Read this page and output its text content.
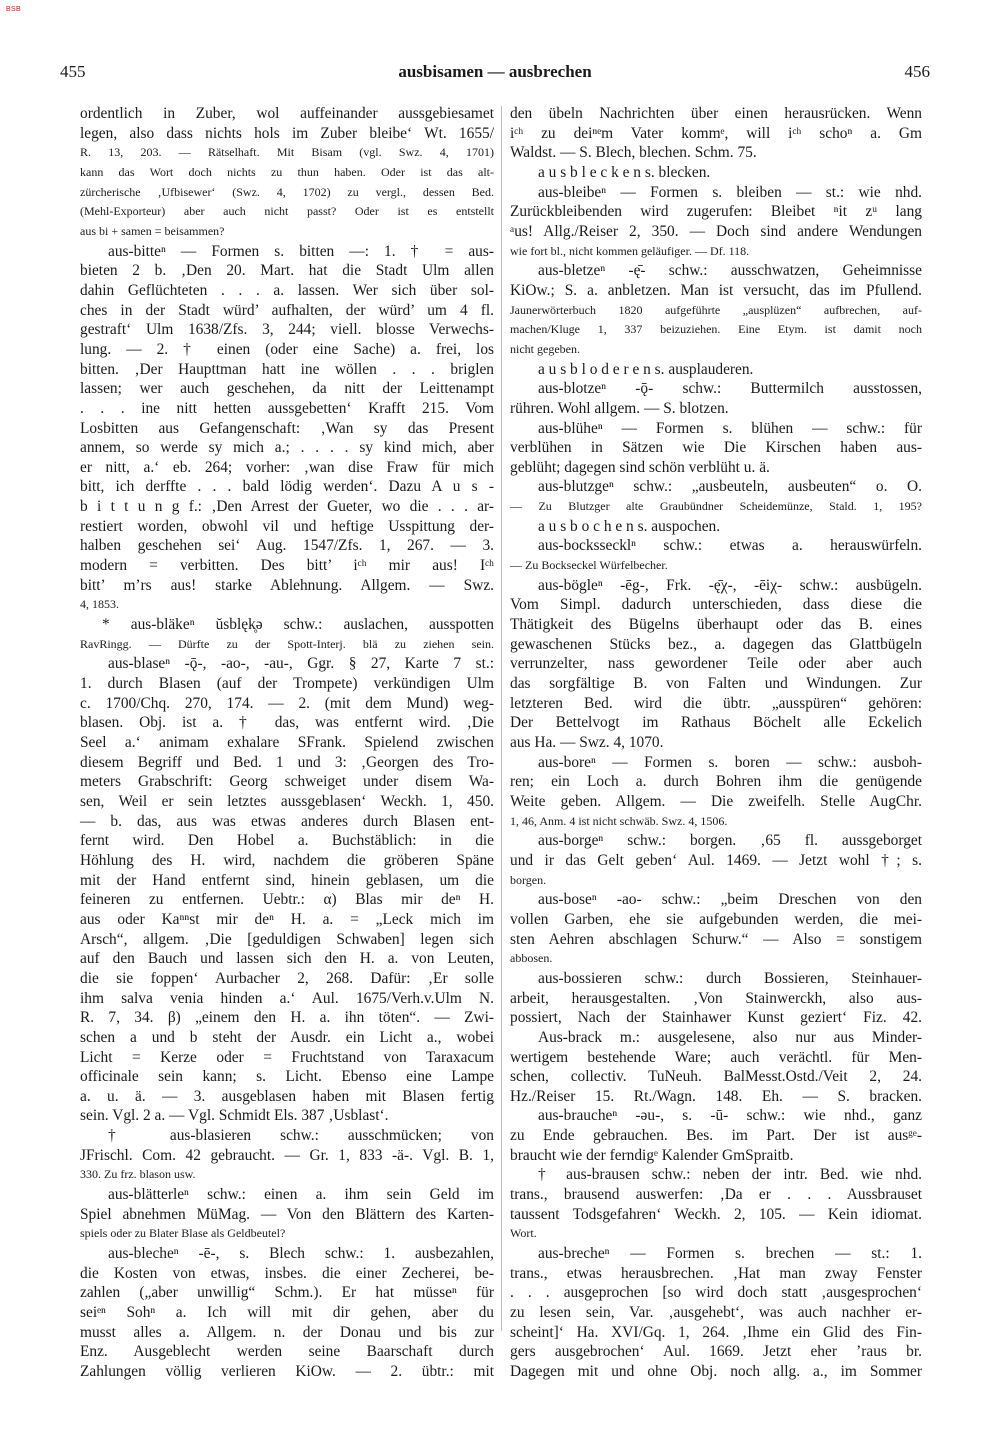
BSB
455	ausbisamen — ausbrechen	456
ordentlich in Zuber, wol auffeinander aussgebiesamet
legen, also dass nichts hols im Zuber bleibe‘ Wt. 1655/
R. 13, 203. — Rätselhaft. Mit Bisam (vgl. Swz. 4, 1701)
kann das Wort doch nichts zu thun haben. Oder ist das alt-
zürcherische ‚Ufbisewer‘ (Swz. 4, 1702) zu vergl., dessen Bed.
(Mehl-Exporteur) aber auch nicht passt? Oder ist es entstellt
aus bi + samen = beisammen?
aus-bitteⁿ — Formen s. bitten —: 1. † = aus-
bieten 2 b. ‚Den 20. Mart. hat die Stadt Ulm allen
dahin Geflüchteten . . . a. lassen. Wer sich über sol-
ches in der Stadt würd’ aufhalten, der würd’ um 4 fl.
gestraft‘ Ulm 1638/Zfs. 3, 244; viell. blosse Verwechs-
lung. — 2. † einen (oder eine Sache) a. frei, los
bitten. ‚Der Haupttman hatt ine wöllen . . . briglen
lassen; wer auch geschehen, da nitt der Leittenampt
. . . ine nitt hetten aussgebetten‘ Krafft 215. Vom
Losbitten aus Gefangenschaft: ‚Wan sy das Present
annem, so werde sy mich a.; . . . . sy kind mich, aber
er nitt, a.‘ eb. 264; vorher: ‚wan dise Fraw für mich
bitt, ich derffte . . . bald lödig werden‘. Dazu A u s -
b i t t u n g f.: ‚Den Arrest der Gueter, wo die . . . ar-
restiert worden, obwohl vil und heftige Usspittung der-
halben geschehen sei‘ Aug. 1547/Zfs. 1, 267. — 3.
modern = verbitten. Des bitt’ iᶜʰ mir aus! Iᶜʰ
bitt’ m’rs aus! starke Ablehnung. Allgem. — Swz.
4, 1853.
* aus-bläkeⁿ ŭsblęk̥ə schw.: auslachen, ausspotten
RavRingg. — Dürfte zu der Spott-Interj. blä zu ziehen sein.
aus-blaseⁿ -ǭ-, -ao-, -au-, Ggr. § 27, Karte 7 st.:
1. durch Blasen (auf der Trompete) verkündigen Ulm
c. 1700/Chq. 270, 174. — 2. (mit dem Mund) weg-
blasen. Obj. ist a. † das, was entfernt wird. ‚Die
Seel a.‘ animam exhalare SFrank. Spielend zwischen
diesem Begriff und Bed. 1 und 3: ‚Georgen des Tro-
meters Grabschrift: Georg schweiget under disem Wa-
sen, Weil er sein letztes aussgeblasen‘ Weckh. 1, 450.
— b. das, aus was etwas anderes durch Blasen ent-
fernt wird. Den Hobel a. Buchstäblich: in die
Höhlung des H. wird, nachdem die gröberen Späne
mit der Hand entfernt sind, hinein geblasen, um die
feineren zu entfernen. Uebtr.: α) Blas mir deⁿ H.
aus oder Kaⁿⁿst mir deⁿ H. a. = „Leck mich im
Arsch“, allgem. ‚Die [geduldigen Schwaben] legen sich
auf den Bauch und lassen sich den H. a. von Leuten,
die sie foppen‘ Aurbacher 2, 268. Dafür: ‚Er solle
ihm salva venia hinden a.‘ Aul. 1675/Verh.v.Ulm N.
R. 7, 34. β) „einem den H. a. ihn töten“. — Zwi-
schen a und b steht der Ausdr. ein Licht a., wobei
Licht = Kerze oder = Fruchtstand von Taraxacum
officinale sein kann; s. Licht. Ebenso eine Lampe
a. u. ä. — 3. ausgeblasen haben mit Blasen fertig
sein. Vgl. 2 a. — Vgl. Schmidt Els. 387 ‚Usblast‘.
† aus-blasieren schw.: ausschmücken; von
JFrischl. Com. 42 gebraucht. — Gr. 1, 833 -ä-. Vgl. B. 1,
330. Zu frz. blason usw.
aus-blätterleⁿ schw.: einen a. ihm sein Geld im
Spiel abnehmen MüMag. — Von den Blättern des Karten-
spiels oder zu Blater Blase als Geldbeutel?
aus-blecheⁿ -ē-, s. Blech schw.: 1. ausbezahlen,
die Kosten von etwas, insbes. die einer Zecherei, be-
zahlen („aber unwillig“ Schm.). Er hat müsseⁿ für
seiᵉⁿ Sohⁿ a. Ich will mit dir gehen, aber du
musst alles a. Allgem. n. der Donau und bis zur
Enz. Ausgeblecht werden seine Baarschaft durch
Zahlungen völlig verlieren KiOw. — 2. übtr.: mit
den übeln Nachrichten über einen herausrücken. Wenn
iᶜʰ zu deiⁿᵉm Vater kommᵉ, will iᶜʰ schoⁿ a. Gm
Waldst. — S. Blech, blechen. Schm. 75.
a u s b l e c k e n s. blecken.
aus-bleibeⁿ — Formen s. bleiben — st.: wie nhd.
Zurückbleibenden wird zugerufen: Bleibet ⁿit zᵘ lang
ᵃus! Allg./Reiser 2, 350. — Doch sind andere Wendungen
wie fort bl., nicht kommen geläufiger. — Df. 118.
aus-bletzeⁿ -ę̄- schw.: ausschwatzen, Geheimnisse
KiOw.; S. a. anbletzen. Man ist versucht, das im Pfullend.
Jaunerwörterbuch 1820 aufgeführte „ausplüzen“ aufbrechen, auf-
machen/Kluge 1, 337 beizuziehen. Eine Etym. ist damit noch
nicht gegeben.
a u s b l o d e r e n s. ausplauderen.
aus-blotzeⁿ -ǭ- schw.: Buttermilch ausstossen,
rühren. Wohl allgem. — S. blotzen.
aus-blüheⁿ — Formen s. blühen — schw.: für
verblühen in Sätzen wie Die Kirschen haben aus-
geblüht; dagegen sind schön verblüht u. ä.
aus-blutzgeⁿ schw.: „ausbeuteln, ausbeuten“ o. O.
— Zu Blutzger alte Graubündner Scheidemünze, Stald. 1, 195?
a u s b o c h e n s. auspochen.
aus-bockssecklⁿ schw.: etwas a. herauswürfeln.
— Zu Bockseckel Würfelbecher.
aus-bögleⁿ -ēg-, Frk. -ę̄χ-, -ēiχ- schw.: ausbügeln.
Vom Simpl. dadurch unterschieden, dass diese die
Thätigkeit des Bügelns überhaupt oder das B. eines
gewaschenen Stücks bez., a. dagegen das Glattbügeln
verrunzelter, nass gewordener Teile oder aber auch
das sorgfältige B. von Falten und Windungen. Zur
letzteren Bed. wird die übtr. „ausspüren“ gehören:
Der Bettelvogt im Rathaus Böchelt alle Eckelich
aus Ha. — Swz. 4, 1070.
aus-boreⁿ — Formen s. boren — schw.: ausboh-
ren; ein Loch a. durch Bohren ihm die genügende
Weite geben. Allgem. — Die zweifelh. Stelle AugChr.
1, 46, Anm. 4 ist nicht schwäb. Swz. 4, 1506.
aus-borgeⁿ schw.: borgen. ‚65 fl. aussgeborget
und ir das Gelt geben‘ Aul. 1469. — Jetzt wohl †; s.
borgen.
aus-boseⁿ -ao- schw.: „beim Dreschen von den
vollen Garben, ehe sie aufgebunden werden, die mei-
sten Aehren abschlagen Schurw.“ — Also = sonstigem
abbosen.
aus-bossieren schw.: durch Bossieren, Steinhauer-
arbeit, herausgestalten. ‚Von Stainwerckh, also aus-
possiert, Nach der Stainhawer Kunst geziert‘ Fiz. 42.
Aus-brack m.: ausgelesene, also nur aus Minder-
wertigem bestehende Ware; auch verächtl. für Men-
schen, collectiv. TuNeuh. BalMesst.Ostd./Veit 2, 24.
Hz./Reiser 15. Rt./Wagn. 148. Eh. — S. bracken.
aus-braucheⁿ -əu-, s. -ū- schw.: wie nhd., ganz
zu Ende gebrauchen. Bes. im Part. Der ist ausᵍᵉ-
braucht wie der ferndigᵉ Kalender GmSpraitb.
† aus-brausen schw.: neben der intr. Bed. wie nhd.
trans., brausend auswerfen: ‚Da er . . . Aussbrauset
taussent Todsgefahren‘ Weckh. 2, 105. — Kein idiomat.
Wort.
aus-brecheⁿ — Formen s. brechen — st.: 1.
trans., etwas herausbrechen. ‚Hat man zway Fenster
. . . ausgeprochen [so wird doch statt ‚ausgesprochen‘
zu lesen sein, Var. ‚ausgehebt‘, was auch nachher er-
scheint]‘ Ha. XVI/Gq. 1, 264. ‚Ihme ein Glid des Fin-
gers ausgebrochen‘ Aul. 1669. Jetzt eher ’raus br.
Dagegen mit und ohne Obj. noch allg. a., im Sommer
